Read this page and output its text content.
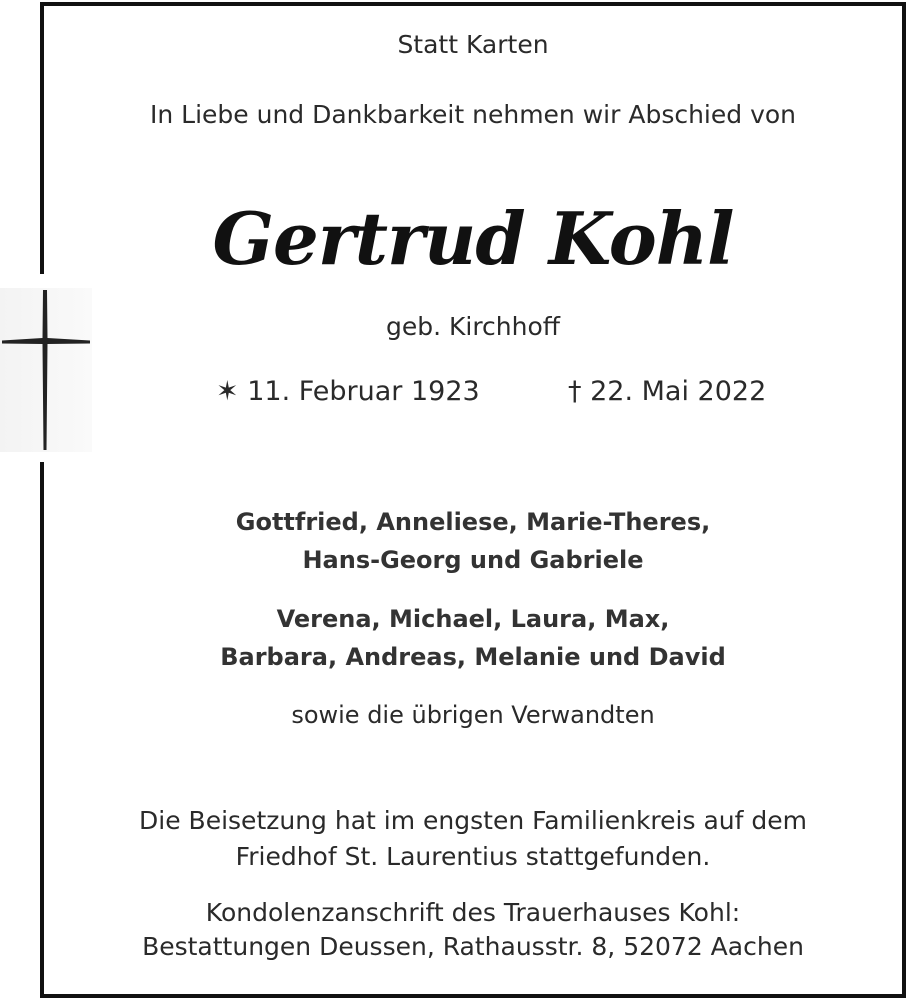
Statt Karten
In Liebe und Dankbarkeit nehmen wir Abschied von
Gertrud Kohl
geb. Kirchhoff
✶ 11. Februar 1923	† 22. Mai 2022
Gottfried, Anneliese, Marie-Theres,
Hans-Georg und Gabriele
Verena, Michael, Laura, Max,
Barbara, Andreas, Melanie und David
sowie die übrigen Verwandten
Die Beisetzung hat im engsten Familienkreis auf dem
Friedhof St. Laurentius stattgefunden.
Kondolenzanschrift des Trauerhauses Kohl:
Bestattungen Deussen, Rathausstr. 8, 52072 Aachen
